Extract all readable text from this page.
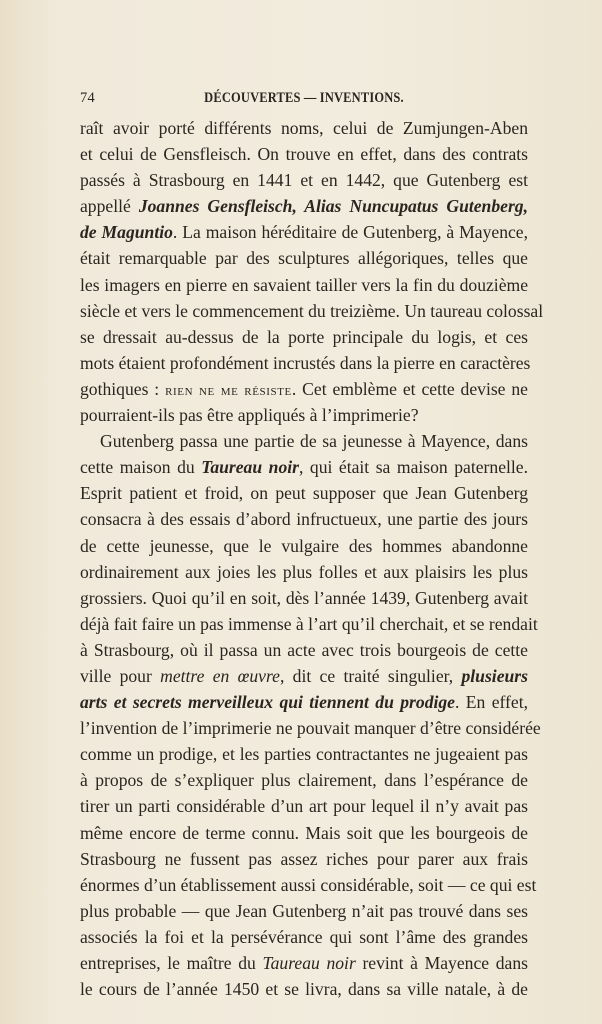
74	DÉCOUVERTES — INVENTIONS.
raît avoir porté différents noms, celui de Zumjungen-Aben
et celui de Gensfleisch. On trouve en effet, dans des contrats
passés à Strasbourg en 1441 et en 1442, que Gutenberg est
appellé Joannes Gensfleisch, Alias Nuncupatus Gutenberg,
de Maguntio. La maison héréditaire de Gutenberg, à Mayence,
était remarquable par des sculptures allégoriques, telles que
les imagers en pierre en savaient tailler vers la fin du douzième
siècle et vers le commencement du treizième. Un taureau colossal
se dressait au-dessus de la porte principale du logis, et ces
mots étaient profondément incrustés dans la pierre en caractères
gothiques : rien ne me résiste. Cet emblème et cette devise ne
pourraient-ils pas être appliqués à l’imprimerie?
Gutenberg passa une partie de sa jeunesse à Mayence, dans
cette maison du Taureau noir, qui était sa maison paternelle.
Esprit patient et froid, on peut supposer que Jean Gutenberg
consacra à des essais d’abord infructueux, une partie des jours
de cette jeunesse, que le vulgaire des hommes abandonne
ordinairement aux joies les plus folles et aux plaisirs les plus
grossiers. Quoi qu’il en soit, dès l’année 1439, Gutenberg avait
déjà fait faire un pas immense à l’art qu’il cherchait, et se rendait
à Strasbourg, où il passa un acte avec trois bourgeois de cette
ville pour mettre en œuvre, dit ce traité singulier, plusieurs
arts et secrets merveilleux qui tiennent du prodige. En effet,
l’invention de l’imprimerie ne pouvait manquer d’être considérée
comme un prodige, et les parties contractantes ne jugeaient pas
à propos de s’expliquer plus clairement, dans l’espérance de
tirer un parti considérable d’un art pour lequel il n’y avait pas
même encore de terme connu. Mais soit que les bourgeois de
Strasbourg ne fussent pas assez riches pour parer aux frais
énormes d’un établissement aussi considérable, soit — ce qui est
plus probable — que Jean Gutenberg n’ait pas trouvé dans ses
associés la foi et la persévérance qui sont l’âme des grandes
entreprises, le maître du Taureau noir revint à Mayence dans
le cours de l’année 1450 et se livra, dans sa ville natale, à de
